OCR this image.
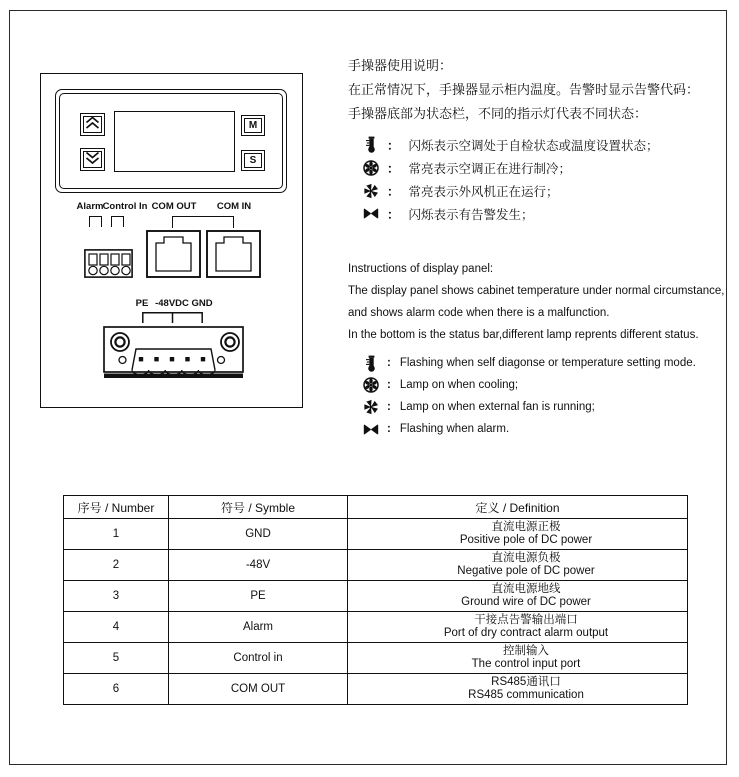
M
S
Alarm Control In COM OUT COM IN
PE -48VDC GND
手操器使用说明：
在正常情况下，手操器显示柜内温度。告警时显示告警代码：
手操器底部为状态栏，不同的指示灯代表不同状态：
： 闪烁表示空调处于自检状态或温度设置状态；
： 常亮表示空调正在进行制冷；
： 常亮表示外风机正在运行；
： 闪烁表示有告警发生；
Instructions of display panel:
The display panel shows cabinet temperature under normal circumstance,
and shows alarm code when there is a malfunction.
In the bottom is the status bar,different lamp reprents different status.
: Flashing when self diagonse or temperature setting mode.
: Lamp on when cooling;
: Lamp on when external fan is running;
: Flashing when alarm.
序号 / Number	符号 / Symble	定义 / Definition
1	GND	直流电源正极
Positive pole of DC power

2	-48V	直流电源负极
Negative pole of DC power

3	PE	直流电源地线
Ground wire of DC power

4	Alarm	干接点告警输出端口
Port of dry contract alarm output

5	Control in	控制输入
The control input port

6	COM OUT	RS485通讯口
RS485 communication
